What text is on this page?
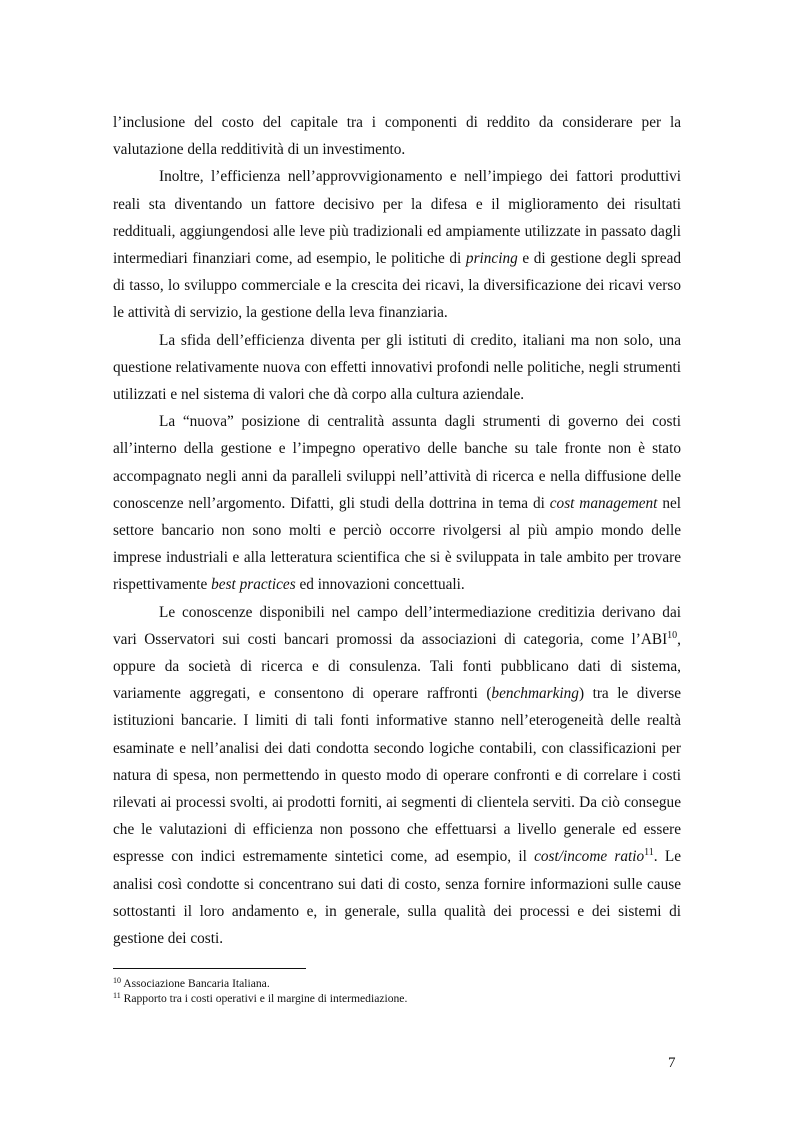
l’inclusione del costo del capitale tra i componenti di reddito da considerare per la valutazione della redditività di un investimento.

Inoltre, l’efficienza nell’approvvigionamento e nell’impiego dei fattori produttivi reali sta diventando un fattore decisivo per la difesa e il miglioramento dei risultati reddituali, aggiungendosi alle leve più tradizionali ed ampiamente utilizzate in passato dagli intermediari finanziari come, ad esempio, le politiche di princing e di gestione degli spread di tasso, lo sviluppo commerciale e la crescita dei ricavi, la diversificazione dei ricavi verso le attività di servizio, la gestione della leva finanziaria.

La sfida dell’efficienza diventa per gli istituti di credito, italiani ma non solo, una questione relativamente nuova con effetti innovativi profondi nelle politiche, negli strumenti utilizzati e nel sistema di valori che dà corpo alla cultura aziendale.

La “nuova” posizione di centralità assunta dagli strumenti di governo dei costi all’interno della gestione e l’impegno operativo delle banche su tale fronte non è stato accompagnato negli anni da paralleli sviluppi nell’attività di ricerca e nella diffusione delle conoscenze nell’argomento. Difatti, gli studi della dottrina in tema di cost management nel settore bancario non sono molti e perciò occorre rivolgersi al più ampio mondo delle imprese industriali e alla letteratura scientifica che si è sviluppata in tale ambito per trovare rispettivamente best practices ed innovazioni concettuali.

Le conoscenze disponibili nel campo dell’intermediazione creditizia derivano dai vari Osservatori sui costi bancari promossi da associazioni di categoria, come l’ABI$^{10}$, oppure da società di ricerca e di consulenza. Tali fonti pubblicano dati di sistema, variamente aggregati, e consentono di operare raffronti (benchmarking) tra le diverse istituzioni bancarie. I limiti di tali fonti informative stanno nell’eterogeneità delle realtà esaminate e nell’analisi dei dati condotta secondo logiche contabili, con classificazioni per natura di spesa, non permettendo in questo modo di operare confronti e di correlare i costi rilevati ai processi svolti, ai prodotti forniti, ai segmenti di clientela serviti. Da ciò consegue che le valutazioni di efficienza non possono che effettuarsi a livello generale ed essere espresse con indici estremamente sintetici come, ad esempio, il cost/income ratio$^{11}$. Le analisi così condotte si concentrano sui dati di costo, senza fornire informazioni sulle cause sottostanti il loro andamento e, in generale, sulla qualità dei processi e dei sistemi di gestione dei costi.

$^{10}$ Associazione Bancaria Italiana.

$^{11}$ Rapporto tra i costi operativi e il margine di intermediazione.

7
